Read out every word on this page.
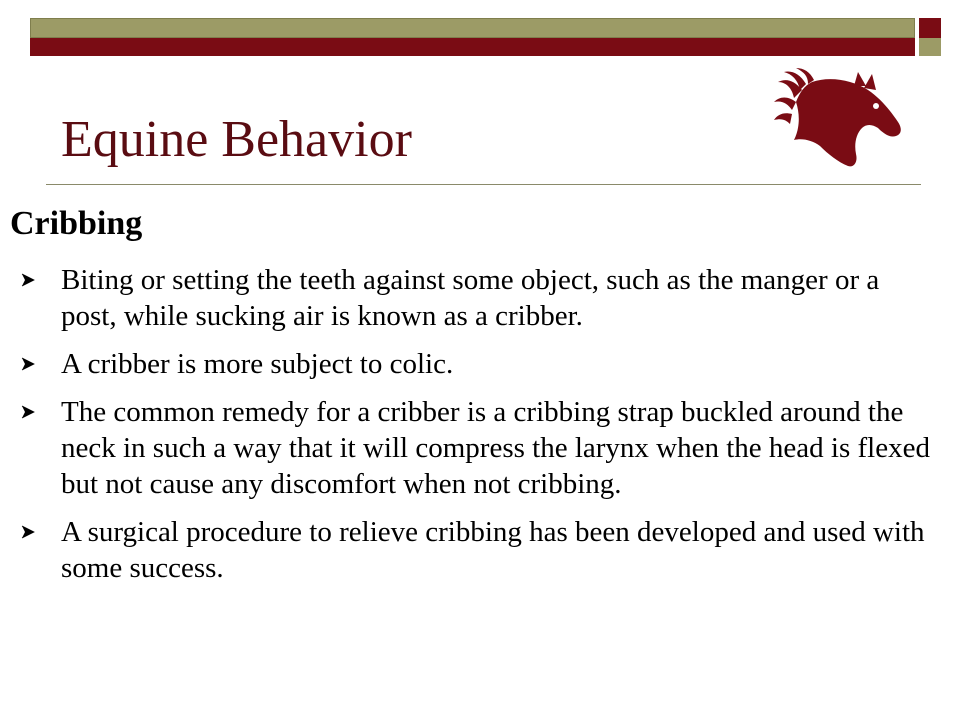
Equine Behavior
Cribbing
Biting or setting the teeth against some object, such as the manger or a post, while sucking air is known as a cribber.
A cribber is more subject to colic.
The common remedy for a cribber is a cribbing strap buckled around the neck in such a way that it will compress the larynx when the head is flexed but not cause any discomfort when not cribbing.
A surgical procedure to relieve cribbing has been developed and used with some success.
